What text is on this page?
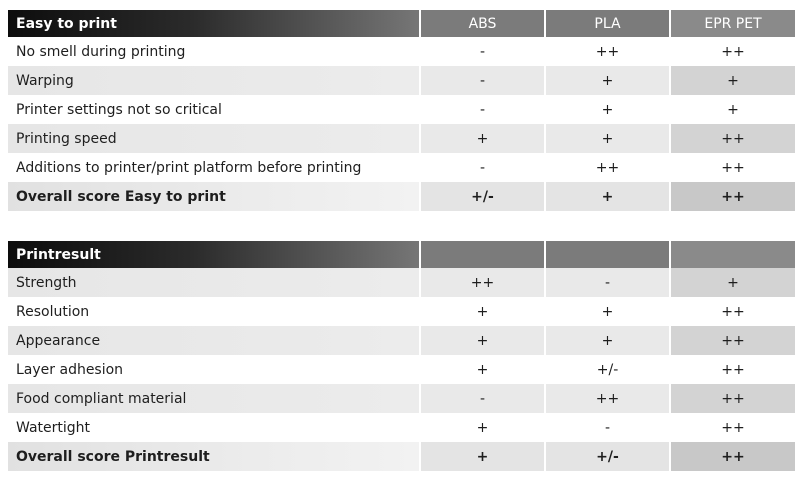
Easy to print	ABS	PLA	EPR PET
No smell during printing	-	++	++
Warping	-	+	+
Printer settings not so critical	-	+	+
Printing speed	+	+	++
Additions to printer/print platform before printing	-	++	++
Overall score Easy to print	+/-	+	++
Printresult
Strength	++	-	+
Resolution	+	+	++
Appearance	+	+	++
Layer adhesion	+	+/-	++
Food compliant material	-	++	++
Watertight	+	-	++
Overall score Printresult	+	+/-	++
